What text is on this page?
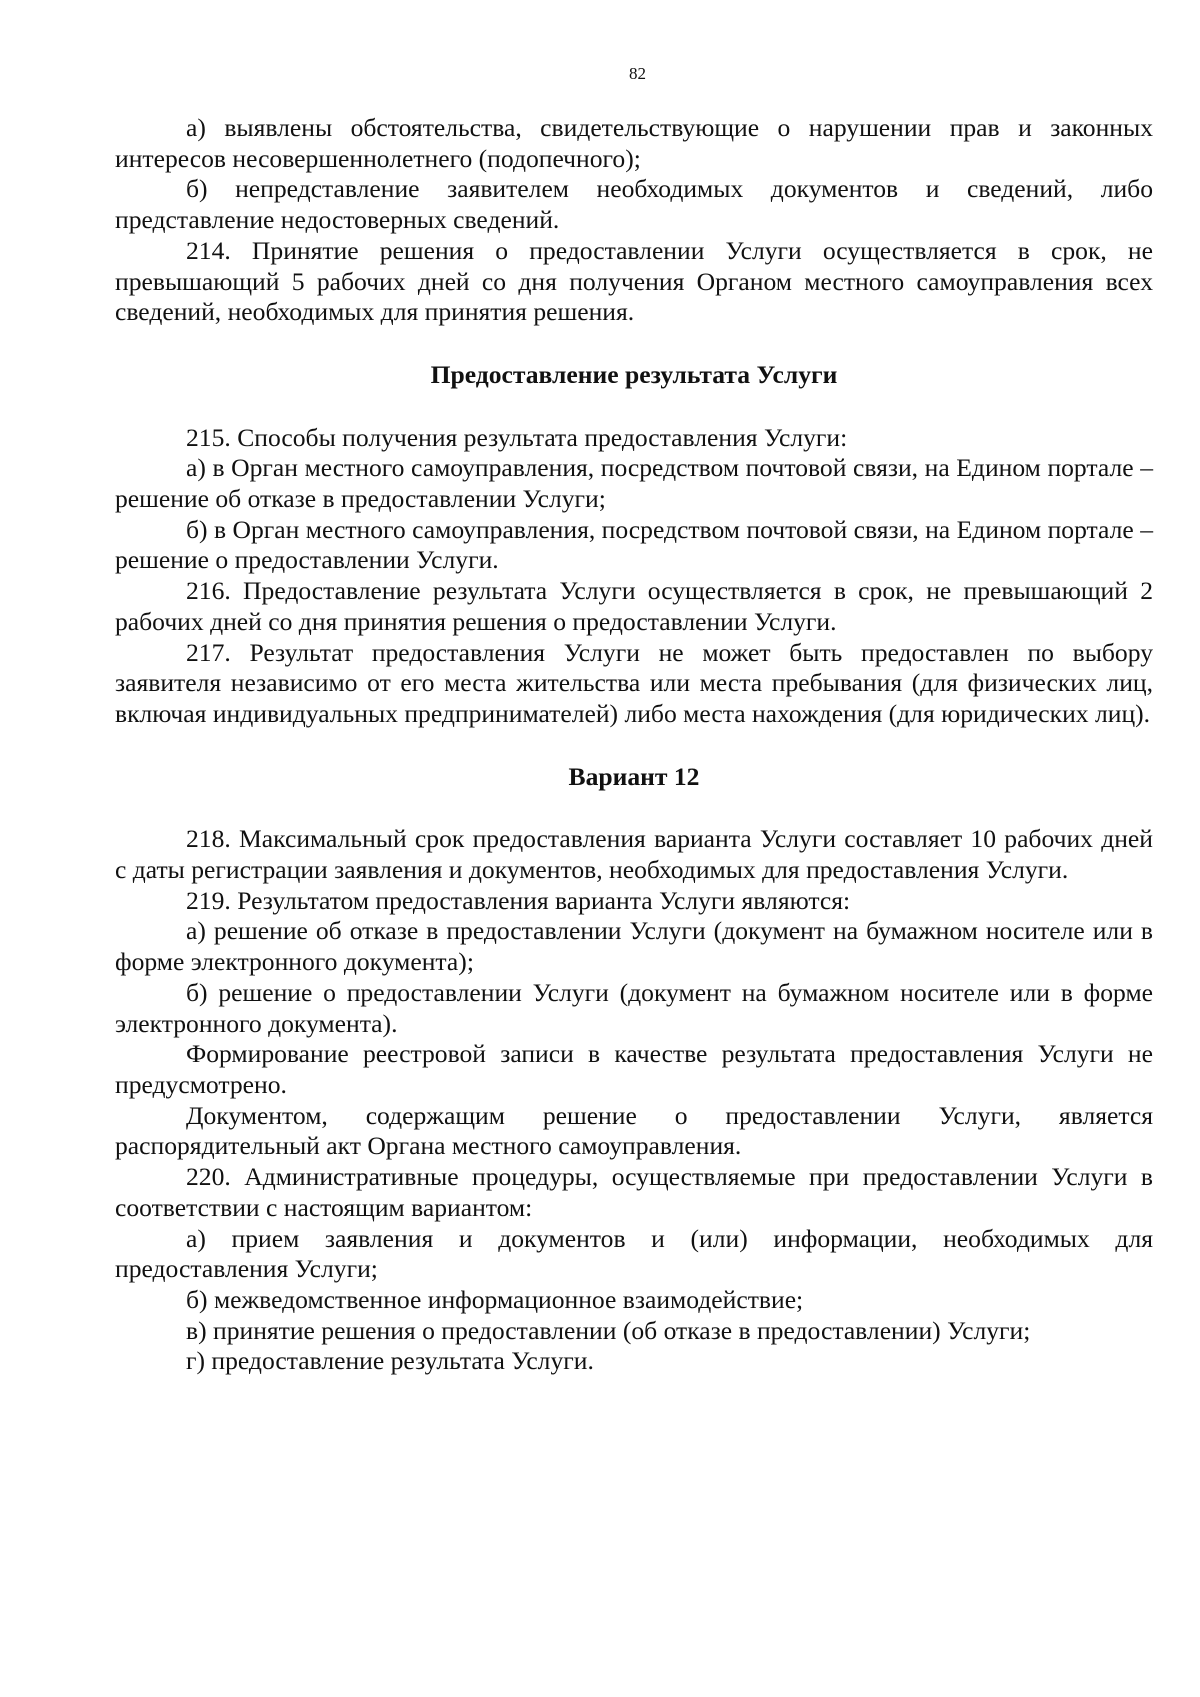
82

а) выявлены обстоятельства, свидетельствующие о нарушении прав и законных интересов несовершеннолетнего (подопечного);

б) непредставление заявителем необходимых документов и сведений, либо представление недостоверных сведений.

214. Принятие решения о предоставлении Услуги осуществляется в срок, не превышающий 5 рабочих дней со дня получения Органом местного самоуправления всех сведений, необходимых для принятия решения.

Предоставление результата Услуги

215. Способы получения результата предоставления Услуги:

а) в Орган местного самоуправления, посредством почтовой связи, на Едином портале – решение об отказе в предоставлении Услуги;

б) в Орган местного самоуправления, посредством почтовой связи, на Едином портале – решение о предоставлении Услуги.

216. Предоставление результата Услуги осуществляется в срок, не превышающий 2 рабочих дней со дня принятия решения о предоставлении Услуги.

217. Результат предоставления Услуги не может быть предоставлен по выбору заявителя независимо от его места жительства или места пребывания (для физических лиц, включая индивидуальных предпринимателей) либо места нахождения (для юридических лиц).

Вариант 12

218. Максимальный срок предоставления варианта Услуги составляет 10 рабочих дней с даты регистрации заявления и документов, необходимых для предоставления Услуги.

219. Результатом предоставления варианта Услуги являются:

а) решение об отказе в предоставлении Услуги (документ на бумажном носителе или в форме электронного документа);

б) решение о предоставлении Услуги (документ на бумажном носителе или в форме электронного документа).

Формирование реестровой записи в качестве результата предоставления Услуги не предусмотрено.

Документом, содержащим решение о предоставлении Услуги, является распорядительный акт Органа местного самоуправления.

220. Административные процедуры, осуществляемые при предоставлении Услуги в соответствии с настоящим вариантом:

а) прием заявления и документов и (или) информации, необходимых для предоставления Услуги;

б) межведомственное информационное взаимодействие;

в) принятие решения о предоставлении (об отказе в предоставлении) Услуги;

г) предоставление результата Услуги.
